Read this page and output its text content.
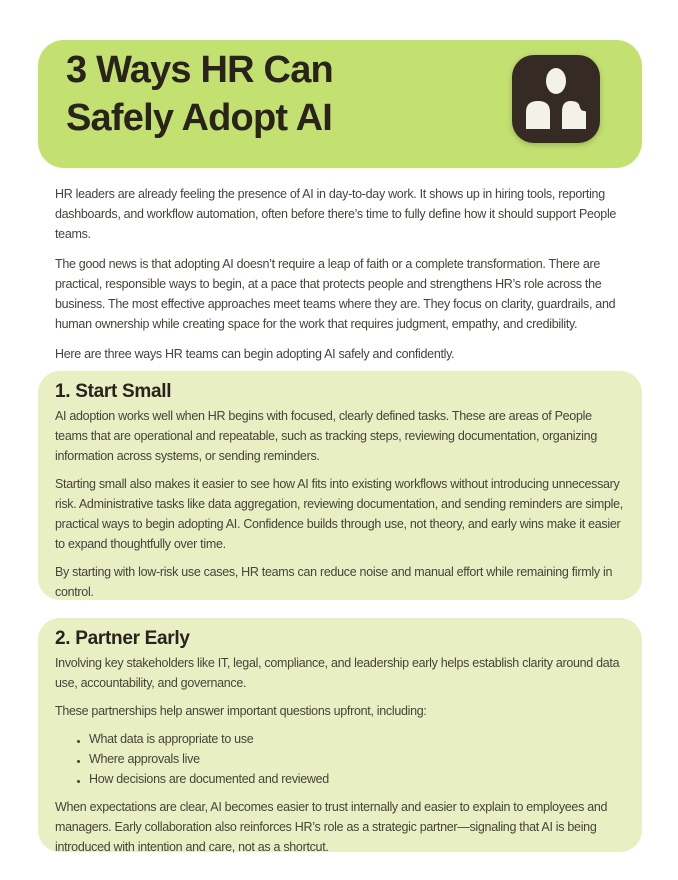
3 Ways HR Can
Safely Adopt AI

HR leaders are already feeling the presence of AI in day-to-day work. It shows up in hiring tools, reporting dashboards, and workflow automation, often before there’s time to fully define how it should support People teams.

The good news is that adopting AI doesn’t require a leap of faith or a complete transformation. There are practical, responsible ways to begin, at a pace that protects people and strengthens HR’s role across the business. The most effective approaches meet teams where they are. They focus on clarity, guardrails, and human ownership while creating space for the work that requires judgment, empathy, and credibility.

Here are three ways HR teams can begin adopting AI safely and confidently.

1. Start Small

AI adoption works well when HR begins with focused, clearly defined tasks. These are areas of People teams that are operational and repeatable, such as tracking steps, reviewing documentation, organizing information across systems, or sending reminders.

Starting small also makes it easier to see how AI fits into existing workflows without introducing unnecessary risk. Administrative tasks like data aggregation, reviewing documentation, and sending reminders are simple, practical ways to begin adopting AI. Confidence builds through use, not theory, and early wins make it easier to expand thoughtfully over time.

By starting with low-risk use cases, HR teams can reduce noise and manual effort while remaining firmly in control.

2. Partner Early

Involving key stakeholders like IT, legal, compliance, and leadership early helps establish clarity around data use, accountability, and governance.

These partnerships help answer important questions upfront, including:

What data is appropriate to use
Where approvals live
How decisions are documented and reviewed

When expectations are clear, AI becomes easier to trust internally and easier to explain to employees and managers. Early collaboration also reinforces HR’s role as a strategic partner—signaling that AI is being introduced with intention and care, not as a shortcut.
